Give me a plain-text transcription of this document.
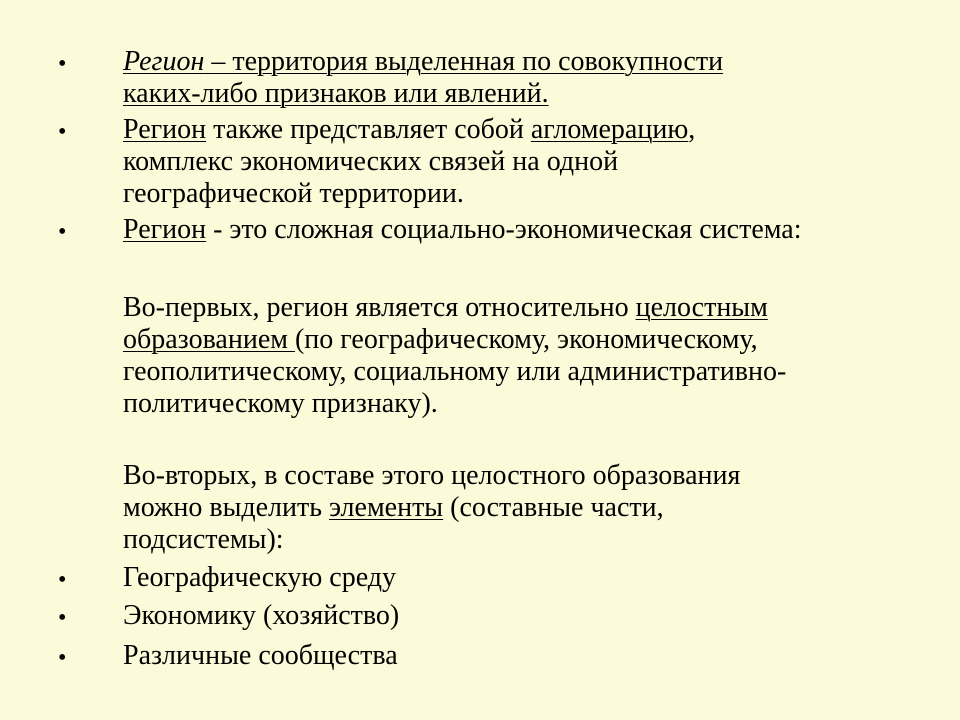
• Регион – территория выделенная по совокупности
каких-либо признаков или явлений.
• Регион также представляет собой агломерацию,
комплекс экономических связей на одной
географической территории.
• Регион - это сложная социально-экономическая система:
Во-первых, регион является относительно целостным
образованием (по географическому, экономическому,
геополитическому, социальному или административно-
политическому признаку).
Во-вторых, в составе этого целостного образования
можно выделить элементы (составные части,
подсистемы):
• Географическую среду
• Экономику (хозяйство)
• Различные сообщества
